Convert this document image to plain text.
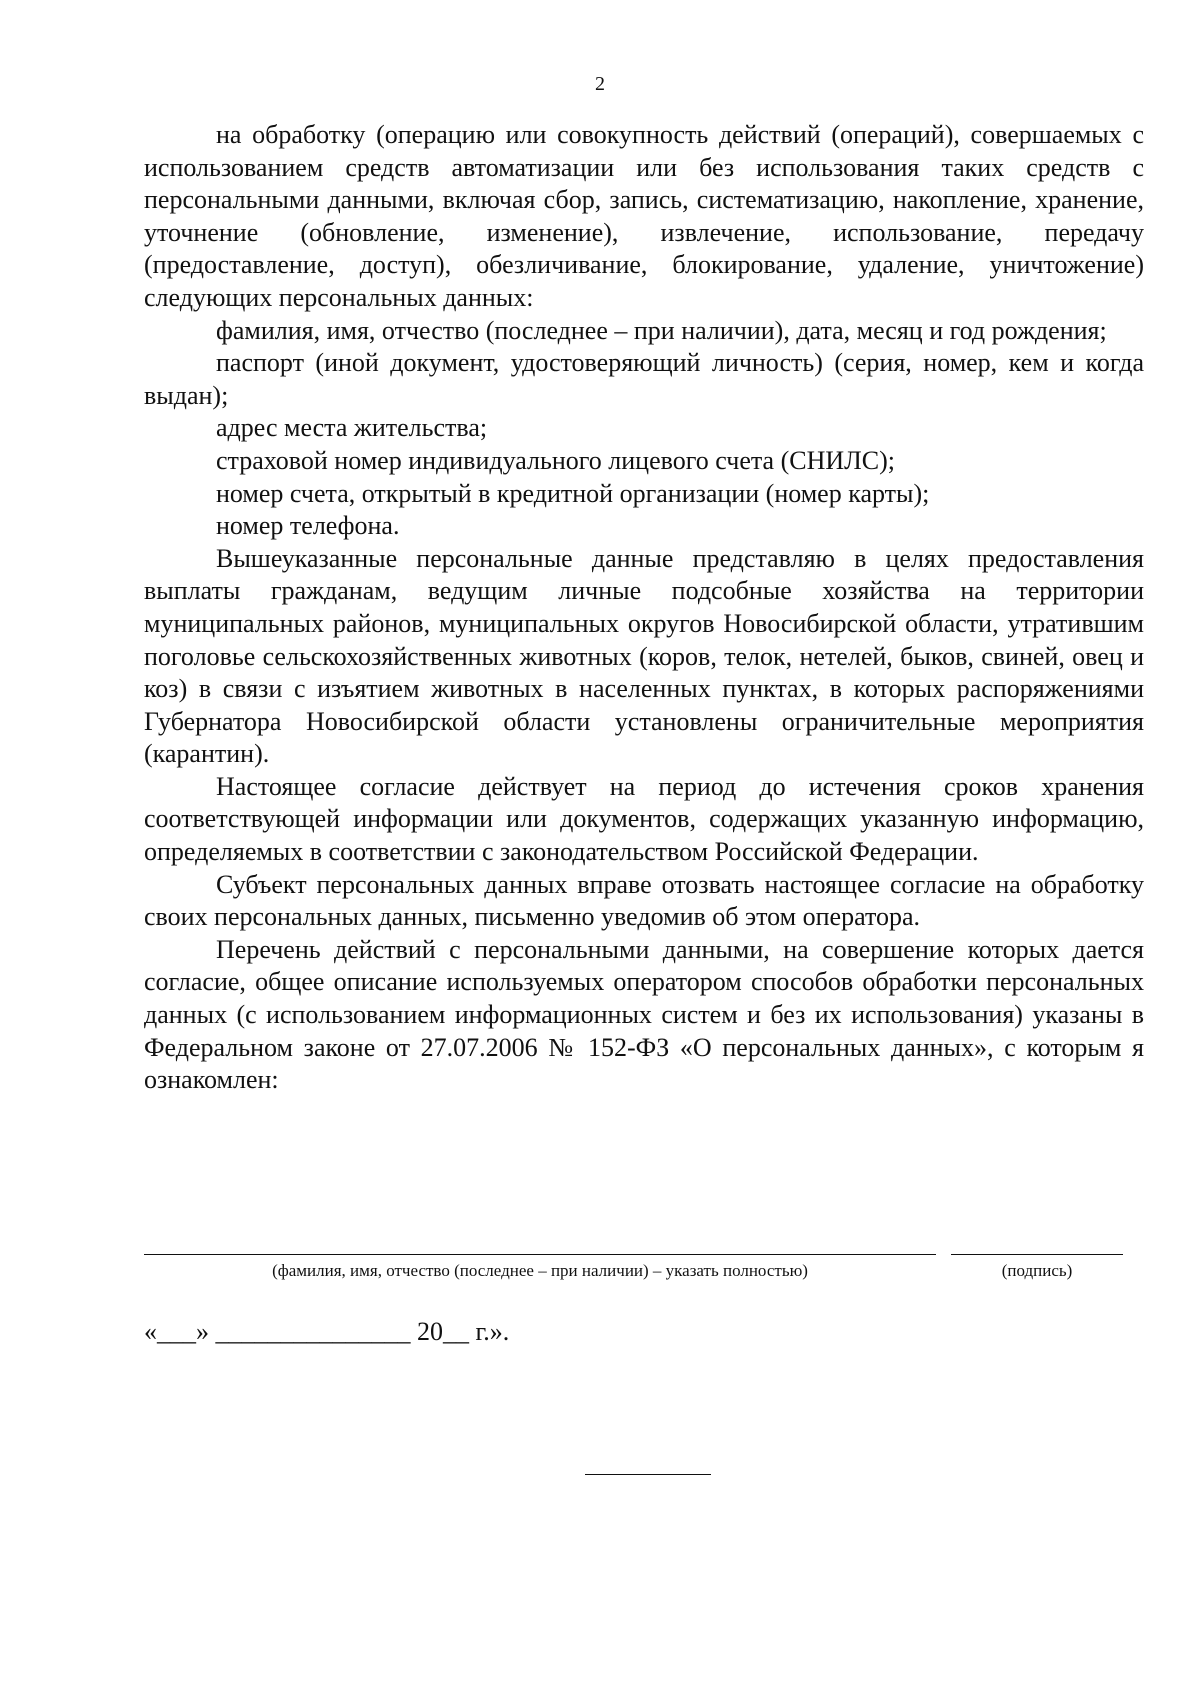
2

на обработку (операцию или совокупность действий (операций), совершаемых с использованием средств автоматизации или без использования таких средств с персональными данными, включая сбор, запись, систематизацию, накопление, хранение, уточнение (обновление, изменение), извлечение, использование, передачу (предоставление, доступ), обезличивание, блокирование, удаление, уничтожение) следующих персональных данных:

фамилия, имя, отчество (последнее – при наличии), дата, месяц и год рождения;

паспорт (иной документ, удостоверяющий личность) (серия, номер, кем и когда выдан);

адрес места жительства;

страховой номер индивидуального лицевого счета (СНИЛС);

номер счета, открытый в кредитной организации (номер карты);

номер телефона.

Вышеуказанные персональные данные представляю в целях предоставления выплаты гражданам, ведущим личные подсобные хозяйства на территории муниципальных районов, муниципальных округов Новосибирской области, утратившим поголовье сельскохозяйственных животных (коров, телок, нетелей, быков, свиней, овец и коз) в связи с изъятием животных в населенных пунктах, в которых распоряжениями Губернатора Новосибирской области установлены ограничительные мероприятия (карантин).

Настоящее согласие действует на период до истечения сроков хранения соответствующей информации или документов, содержащих указанную информацию, определяемых в соответствии с законодательством Российской Федерации.

Субъект персональных данных вправе отозвать настоящее согласие на обработку своих персональных данных, письменно уведомив об этом оператора.

Перечень действий с персональными данными, на совершение которых дается согласие, общее описание используемых оператором способов обработки персональных данных (с использованием информационных систем и без их использования) указаны в Федеральном законе от 27.07.2006 № 152-ФЗ «О персональных данных», с которым я ознакомлен:

(фамилия, имя, отчество (последнее – при наличии) – указать полностью)	(подпись)
«___» _______________ 20__ г.».
